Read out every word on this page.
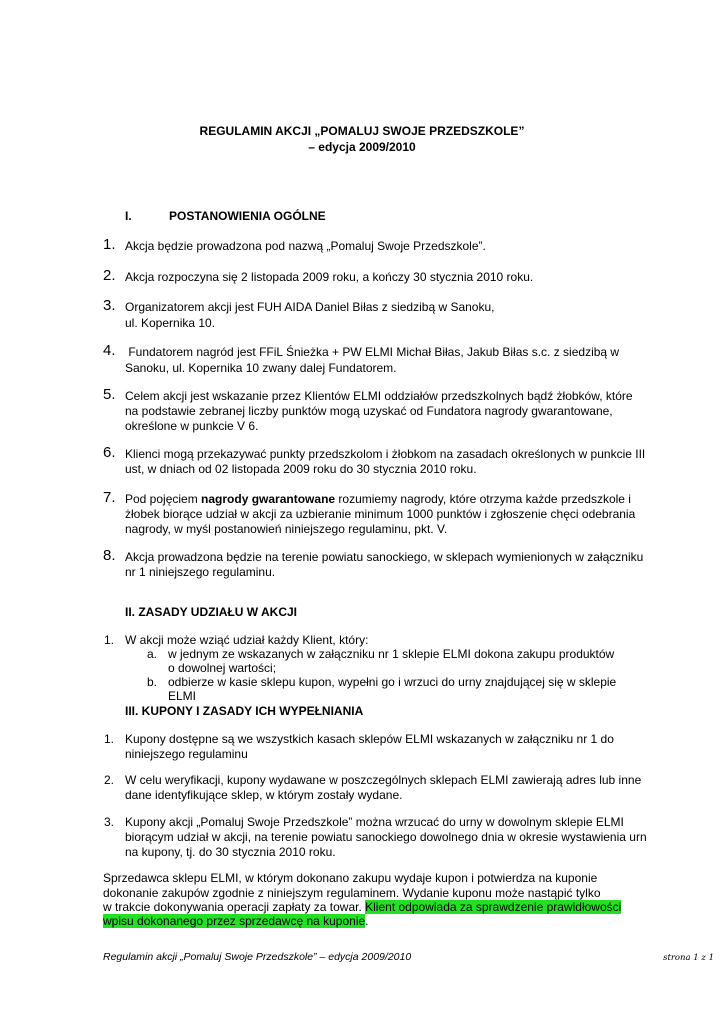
REGULAMIN AKCJI „POMALUJ SWOJE PRZEDSZKOLE”
– edycja 2009/2010
I.	POSTANOWIENIA OGÓLNE
1. Akcja będzie prowadzona pod nazwą „Pomaluj Swoje Przedszkole”.
2. Akcja rozpoczyna się 2 listopada 2009 roku, a kończy 30 stycznia 2010 roku.
3. Organizatorem akcji jest FUH AIDA Daniel Biłas z siedzibą w Sanoku,
ul. Kopernika 10.
4. Fundatorem nagród jest FFiL Śnieżka + PW ELMI Michał Biłas, Jakub Biłas s.c. z siedzibą w
Sanoku, ul. Kopernika 10 zwany dalej Fundatorem.
5. Celem akcji jest wskazanie przez Klientów ELMI oddziałów przedszkolnych bądź żłobków, które
na podstawie zebranej liczby punktów mogą uzyskać od Fundatora nagrody gwarantowane,
określone w punkcie V 6.
6. Klienci mogą przekazywać punkty przedszkolom i żłobkom na zasadach określonych w punkcie III
ust, w dniach od 02 listopada 2009 roku do 30 stycznia 2010 roku.
7. Pod pojęciem nagrody gwarantowane rozumiemy nagrody, które otrzyma każde przedszkole i
żłobek biorące udział w akcji za uzbieranie minimum 1000 punktów i zgłoszenie chęci odebrania
nagrody, w myśl postanowień niniejszego regulaminu, pkt. V.
8. Akcja prowadzona będzie na terenie powiatu sanockiego, w sklepach wymienionych w załączniku
nr 1 niniejszego regulaminu.
II. ZASADY UDZIAŁU W AKCJI
1. W akcji może wziąć udział każdy Klient, który:
a. w jednym ze wskazanych w załączniku nr 1 sklepie ELMI dokona zakupu produktów
o dowolnej wartości;
b. odbierze w kasie sklepu kupon, wypełni go i wrzuci do urny znajdującej się w sklepie
ELMI
III. KUPONY I ZASADY ICH WYPEŁNIANIA
1. Kupony dostępne są we wszystkich kasach sklepów ELMI wskazanych w załączniku nr 1 do
niniejszego regulaminu
2. W celu weryfikacji, kupony wydawane w poszczególnych sklepach ELMI zawierają adres lub inne
dane identyfikujące sklep, w którym zostały wydane.
3. Kupony akcji „Pomaluj Swoje Przedszkole” można wrzucać do urny w dowolnym sklepie ELMI
biorącym udział w akcji, na terenie powiatu sanockiego dowolnego dnia w okresie wystawienia urn
na kupony, tj. do 30 stycznia 2010 roku.
Sprzedawca sklepu ELMI, w którym dokonano zakupu wydaje kupon i potwierdza na kuponie
dokonanie zakupów zgodnie z niniejszym regulaminem. Wydanie kuponu może nastąpić tylko
w trakcie dokonywania operacji zapłaty za towar. Klient odpowiada za sprawdzenie prawidłowości
wpisu dokonanego przez sprzedawcę na kuponie.
Regulamin akcji „Pomaluj Swoje Przedszkole” – edycja 2009/2010	strona 1 z 1
